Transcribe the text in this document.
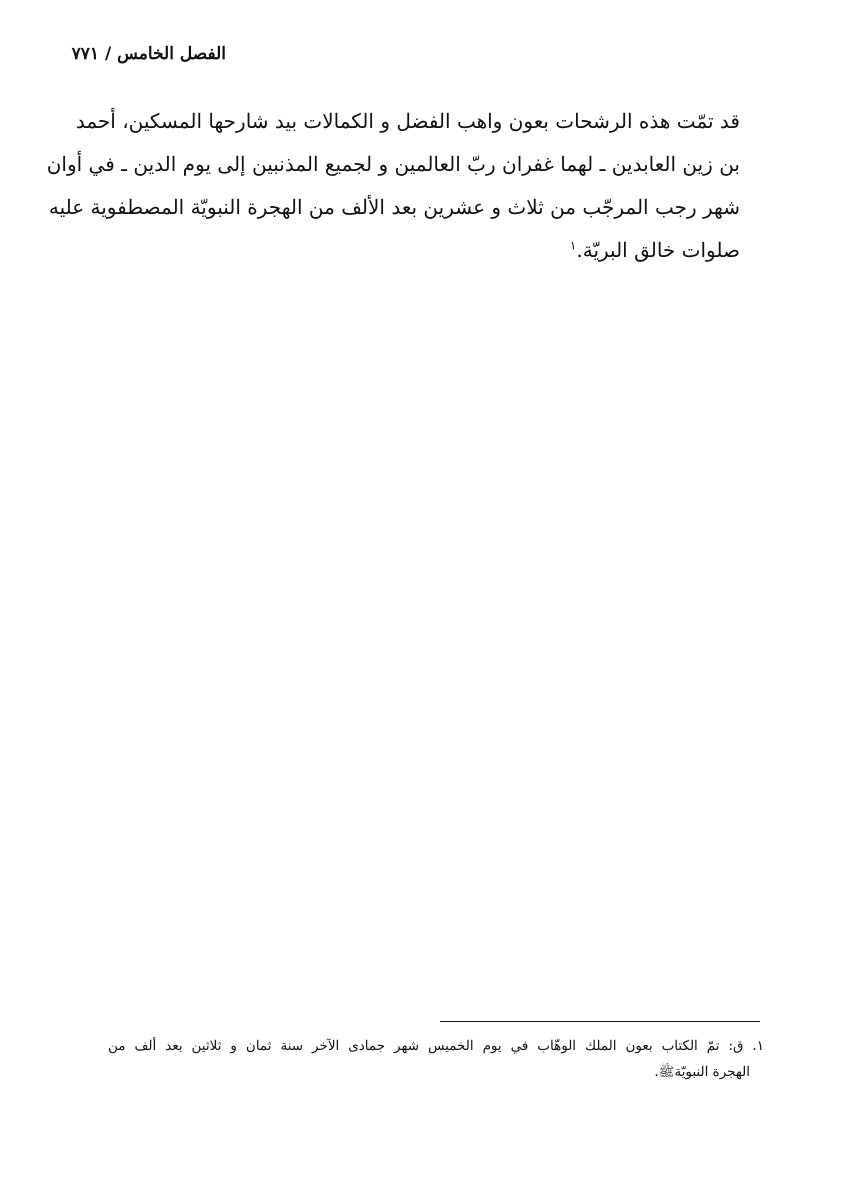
الفصل الخامس / ۷۷۱
قد تمّت هذه الرشحات بعون واهب الفضل و الكمالات بيد شارحها المسكين، أحمد
بن زين العابدين ـ لهما غفران ربّ العالمين و لجميع المذنبين إلى يوم الدين ـ في أوان
شهر رجب المرجّب من ثلاث و عشرين بعد الألف من الهجرة النبويّة المصطفوية عليه
صلوات خالق البريّة.$^۱$
۱. ق: تمّ الكتاب بعون الملك الوهّاب في يوم الخميس شهر جمادى الآخر سنة ثمان و ثلاثين بعد ألف من
الهجرة النبويّةﷺ.
